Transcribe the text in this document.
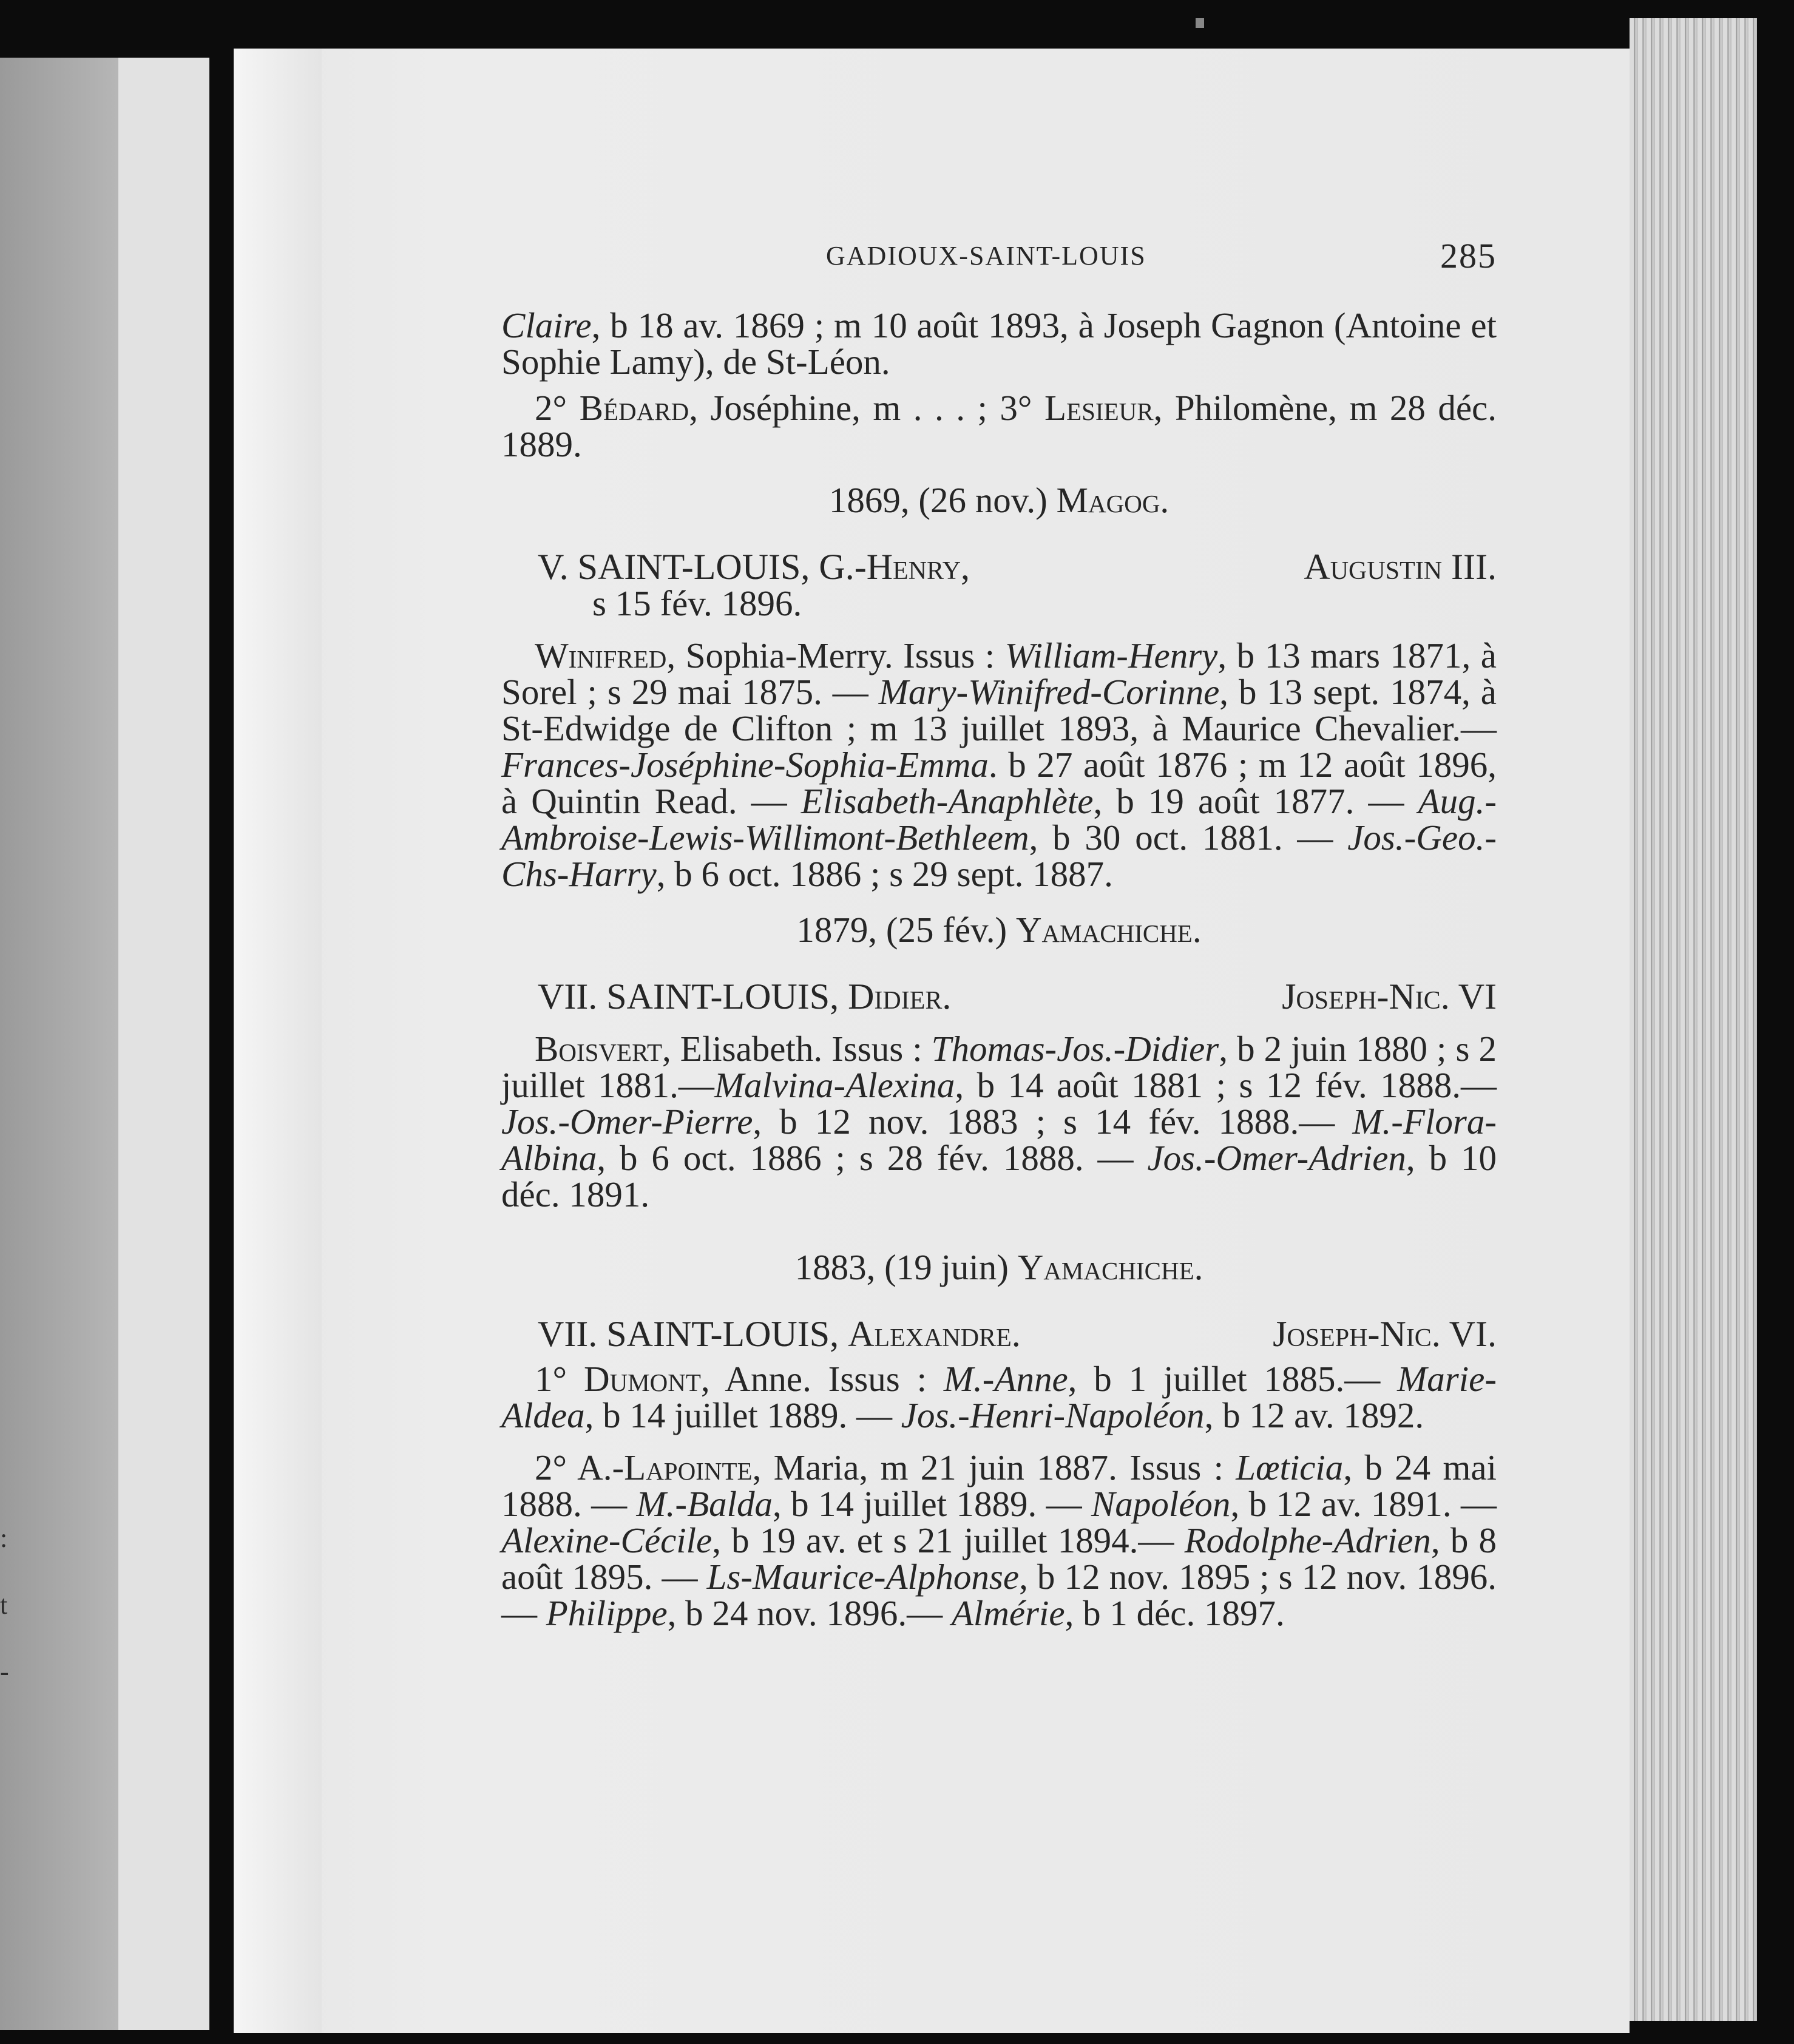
:
t
-
GADIOUX-SAINT-LOUIS	285

Claire, b 18 av. 1869 ; m 10 août 1893, à Joseph Gagnon (Antoine et Sophie Lamy), de St-Léon.

2° Bédard, Joséphine, m . . . ; 3° Lesieur, Philomène, m 28 déc. 1889.

1869, (26 nov.) Magog.

V. SAINT-LOUIS, G.-Henry,	Augustin III.

s 15 fév. 1896.

Winifred, Sophia-Merry. Issus : William-Henry, b 13 mars 1871, à Sorel ; s 29 mai 1875. — Mary-Winifred-Corinne, b 13 sept. 1874, à St-Edwidge de Clifton ; m 13 juillet 1893, à Maurice Chevalier.—Frances-Joséphine-Sophia-Emma. b 27 août 1876 ; m 12 août 1896, à Quintin Read. — Elisabeth-Anaphlète, b 19 août 1877. — Aug.-Ambroise-Lewis-Willimont-Bethleem, b 30 oct. 1881. — Jos.-Geo.-Chs-Harry, b 6 oct. 1886 ; s 29 sept. 1887.

1879, (25 fév.) Yamachiche.

VII. SAINT-LOUIS, Didier.	Joseph-Nic. VI

Boisvert, Elisabeth. Issus : Thomas-Jos.-Didier, b 2 juin 1880 ; s 2 juillet 1881.—Malvina-Alexina, b 14 août 1881 ; s 12 fév. 1888.—Jos.-Omer-Pierre, b 12 nov. 1883 ; s 14 fév. 1888.— M.-Flora-Albina, b 6 oct. 1886 ; s 28 fév. 1888. — Jos.-Omer-Adrien, b 10 déc. 1891.

1883, (19 juin) Yamachiche.

VII. SAINT-LOUIS, Alexandre.	Joseph-Nic. VI.

1° Dumont, Anne. Issus : M.-Anne, b 1 juillet 1885.— Marie-Aldea, b 14 juillet 1889. — Jos.-Henri-Napoléon, b 12 av. 1892.

2° A.-Lapointe, Maria, m 21 juin 1887. Issus : Lœticia, b 24 mai 1888. — M.-Balda, b 14 juillet 1889. — Napoléon, b 12 av. 1891. — Alexine-Cécile, b 19 av. et s 21 juillet 1894.— Rodolphe-Adrien, b 8 août 1895. — Ls-Maurice-Alphonse, b 12 nov. 1895 ; s 12 nov. 1896. — Philippe, b 24 nov. 1896.— Almérie, b 1 déc. 1897.
